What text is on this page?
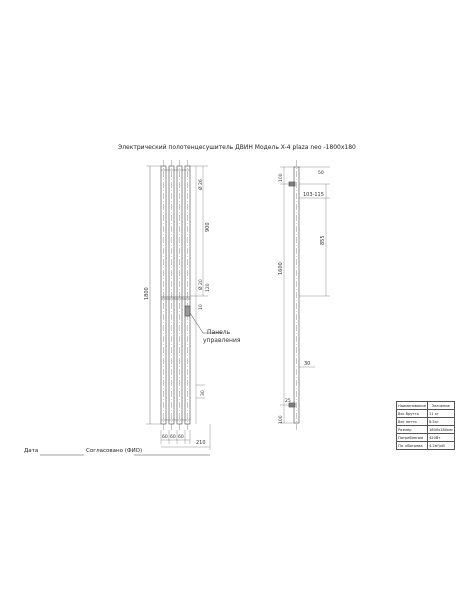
Электрический полотенцесушитель ДВИН Модель X-4 plaza neo -1800x180
1800
900
Ø 26
Ø 20 120
10
30
60 60 60
210
Панель
управления
100	50
103-115
855
1600
30
25
100
Дата	Согласовано (ФИО)
Наименование	Значение
Вес брутто	11 кг
Вес нетто	8.5кг
Размер	1800х180мм
Потребление	420Вт
Пл. обогрева	4.2м²/кВ
